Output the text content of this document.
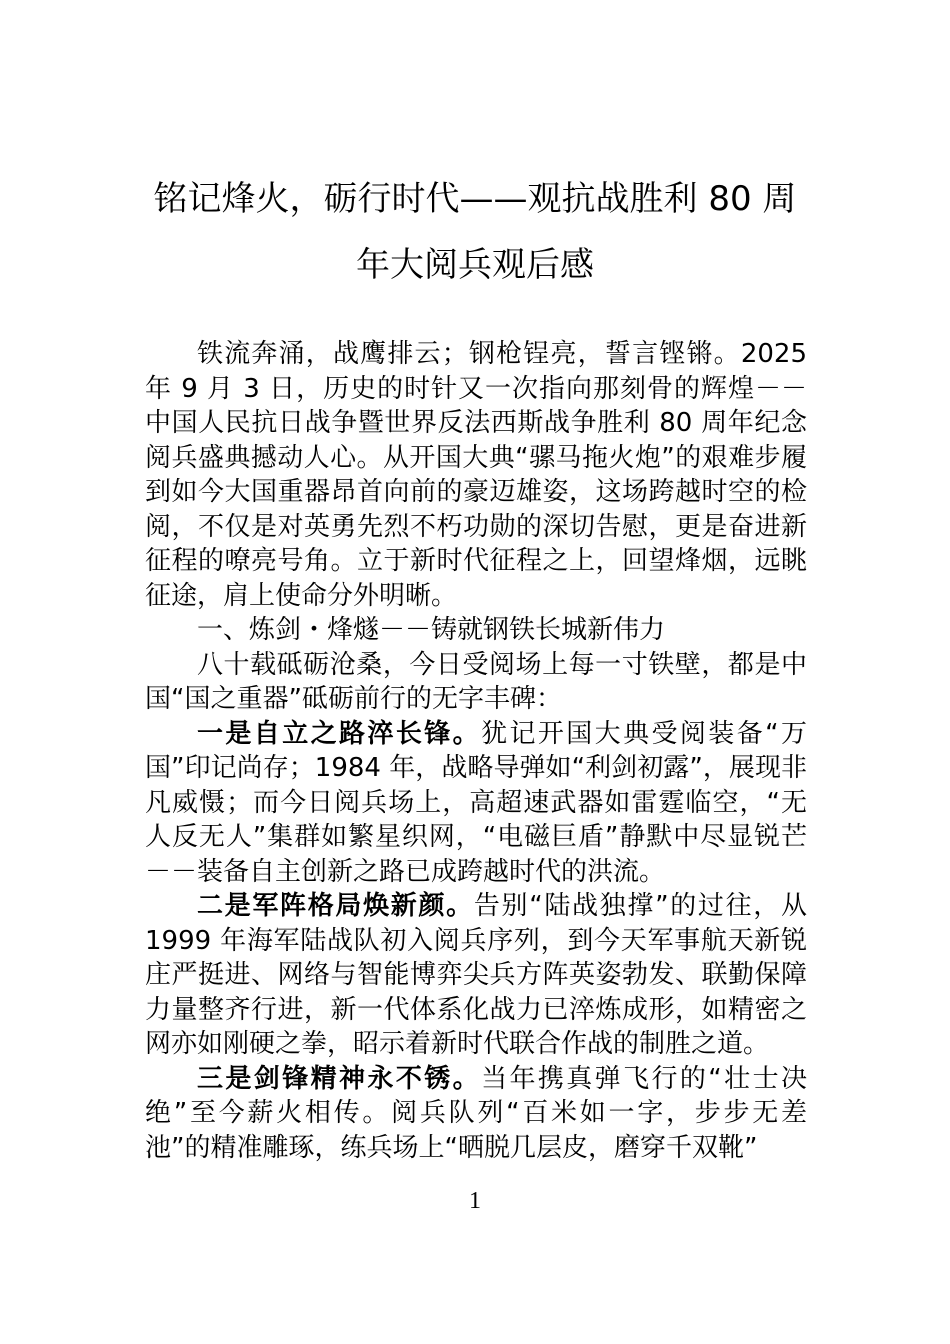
铭记烽火，砺行时代——观抗战胜利 80 周年大阅兵观后感

铁流奔涌，战鹰排云；钢枪锃亮，誓言铿锵。2025 年 9 月 3 日，历史的时针又一次指向那刻骨的辉煌－－中国人民抗日战争暨世界反法西斯战争胜利 80 周年纪念阅兵盛典撼动人心。从开国大典“骡马拖火炮”的艰难步履到如今大国重器昂首向前的豪迈雄姿，这场跨越时空的检阅，不仅是对英勇先烈不朽功勋的深切告慰，更是奋进新征程的嘹亮号角。立于新时代征程之上，回望烽烟，远眺征途，肩上使命分外明晰。

一、炼剑・烽燧－－铸就钢铁长城新伟力

八十载砥砺沧桑，今日受阅场上每一寸铁壁，都是中国“国之重器”砥砺前行的无字丰碑：

一是自立之路淬长锋。犹记开国大典受阅装备“万国”印记尚存；1984 年，战略导弹如“利剑初露”，展现非凡威慑；而今日阅兵场上，高超速武器如雷霆临空，“无人反无人”集群如繁星织网，“电磁巨盾”静默中尽显锐芒－－装备自主创新之路已成跨越时代的洪流。

二是军阵格局焕新颜。告别“陆战独撑”的过往，从 1999 年海军陆战队初入阅兵序列，到今天军事航天新锐庄严挺进、网络与智能博弈尖兵方阵英姿勃发、联勤保障力量整齐行进，新一代体系化战力已淬炼成形，如精密之网亦如刚硬之拳，昭示着新时代联合作战的制胜之道。

三是剑锋精神永不锈。当年携真弹飞行的“壮士决绝”至今薪火相传。阅兵队列“百米如一字，步步无差池”的精准雕琢，练兵场上“晒脱几层皮，磨穿千双靴”

1
